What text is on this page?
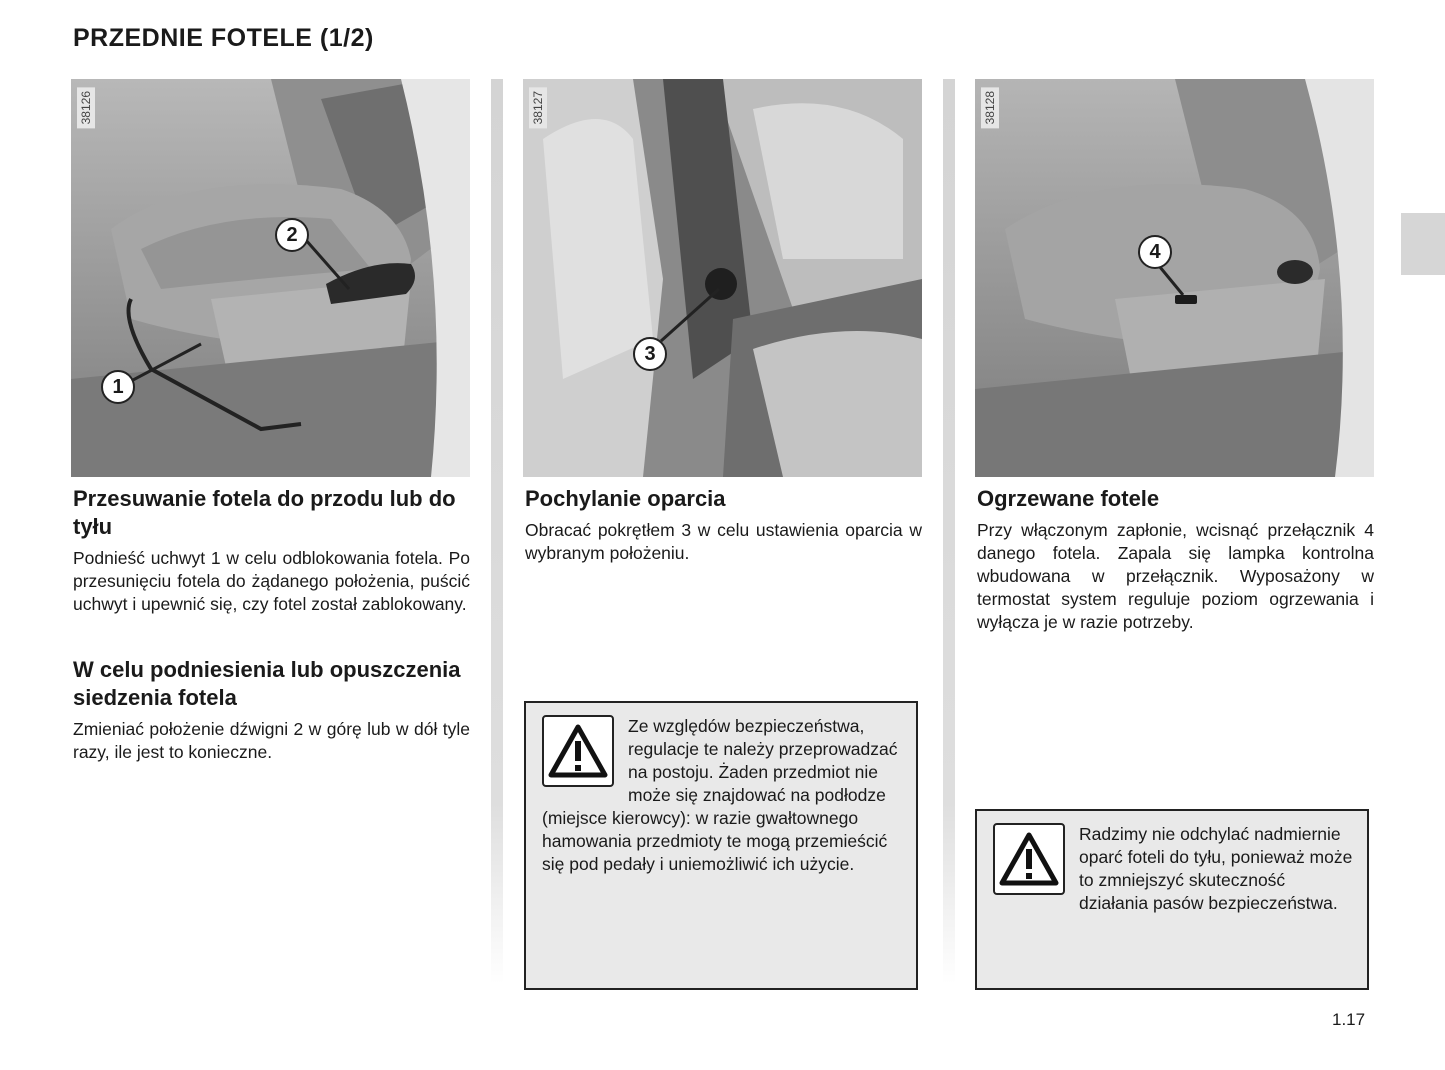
PRZEDNIE FOTELE (1/2)
38126
1
2
Przesuwanie fotela do przodu lub do tyłu

Podnieść uchwyt 1 w celu odblokowania fotela. Po przesunięciu fotela do żądanego położenia, puścić uchwyt i upewnić się, czy fotel został zablokowany.

W celu podniesienia lub opuszczenia siedzenia fotela

Zmieniać położenie dźwigni 2 w górę lub w dół tyle razy, ile jest to konieczne.

38127
3
Pochylanie oparcia

Obracać pokrętłem 3 w celu ustawienia oparcia w wybranym położeniu.

Ze względów bezpieczeństwa, regulacje te należy przeprowadzać na postoju. Żaden przedmiot nie może się znajdować na podłodze (miejsce kierowcy): w razie gwałtownego hamowania przedmioty te mogą przemieścić się pod pedały i uniemożliwić ich użycie.
38128
4
Ogrzewane fotele

Przy włączonym zapłonie, wcisnąć przełącznik 4 danego fotela. Zapala się lampka kontrolna wbudowana w przełącznik. Wyposażony w termostat system reguluje poziom ogrzewania i wyłącza je w razie potrzeby.

Radzimy nie odchylać nadmiernie oparć foteli do tyłu, ponieważ może to zmniejszyć skuteczność działania pasów bezpieczeństwa.
1.17
